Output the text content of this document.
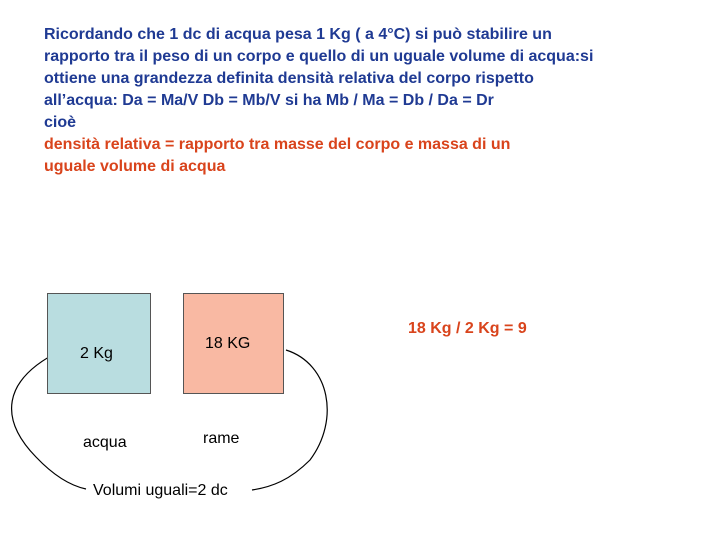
Ricordando che 1 dc di acqua pesa 1 Kg ( a 4°C) si può stabilire un
rapporto tra il peso di un corpo e quello di un uguale volume di acqua:si
ottiene una grandezza definita densità relativa del corpo rispetto
all’acqua: Da = Ma/V Db = Mb/V si ha Mb / Ma = Db / Da = Dr
cioè
densità relativa = rapporto tra masse del corpo e massa di un
uguale volume di acqua
2 Kg
18 KG
acqua	rame
Volumi uguali=2 dc
18 Kg / 2 Kg = 9
